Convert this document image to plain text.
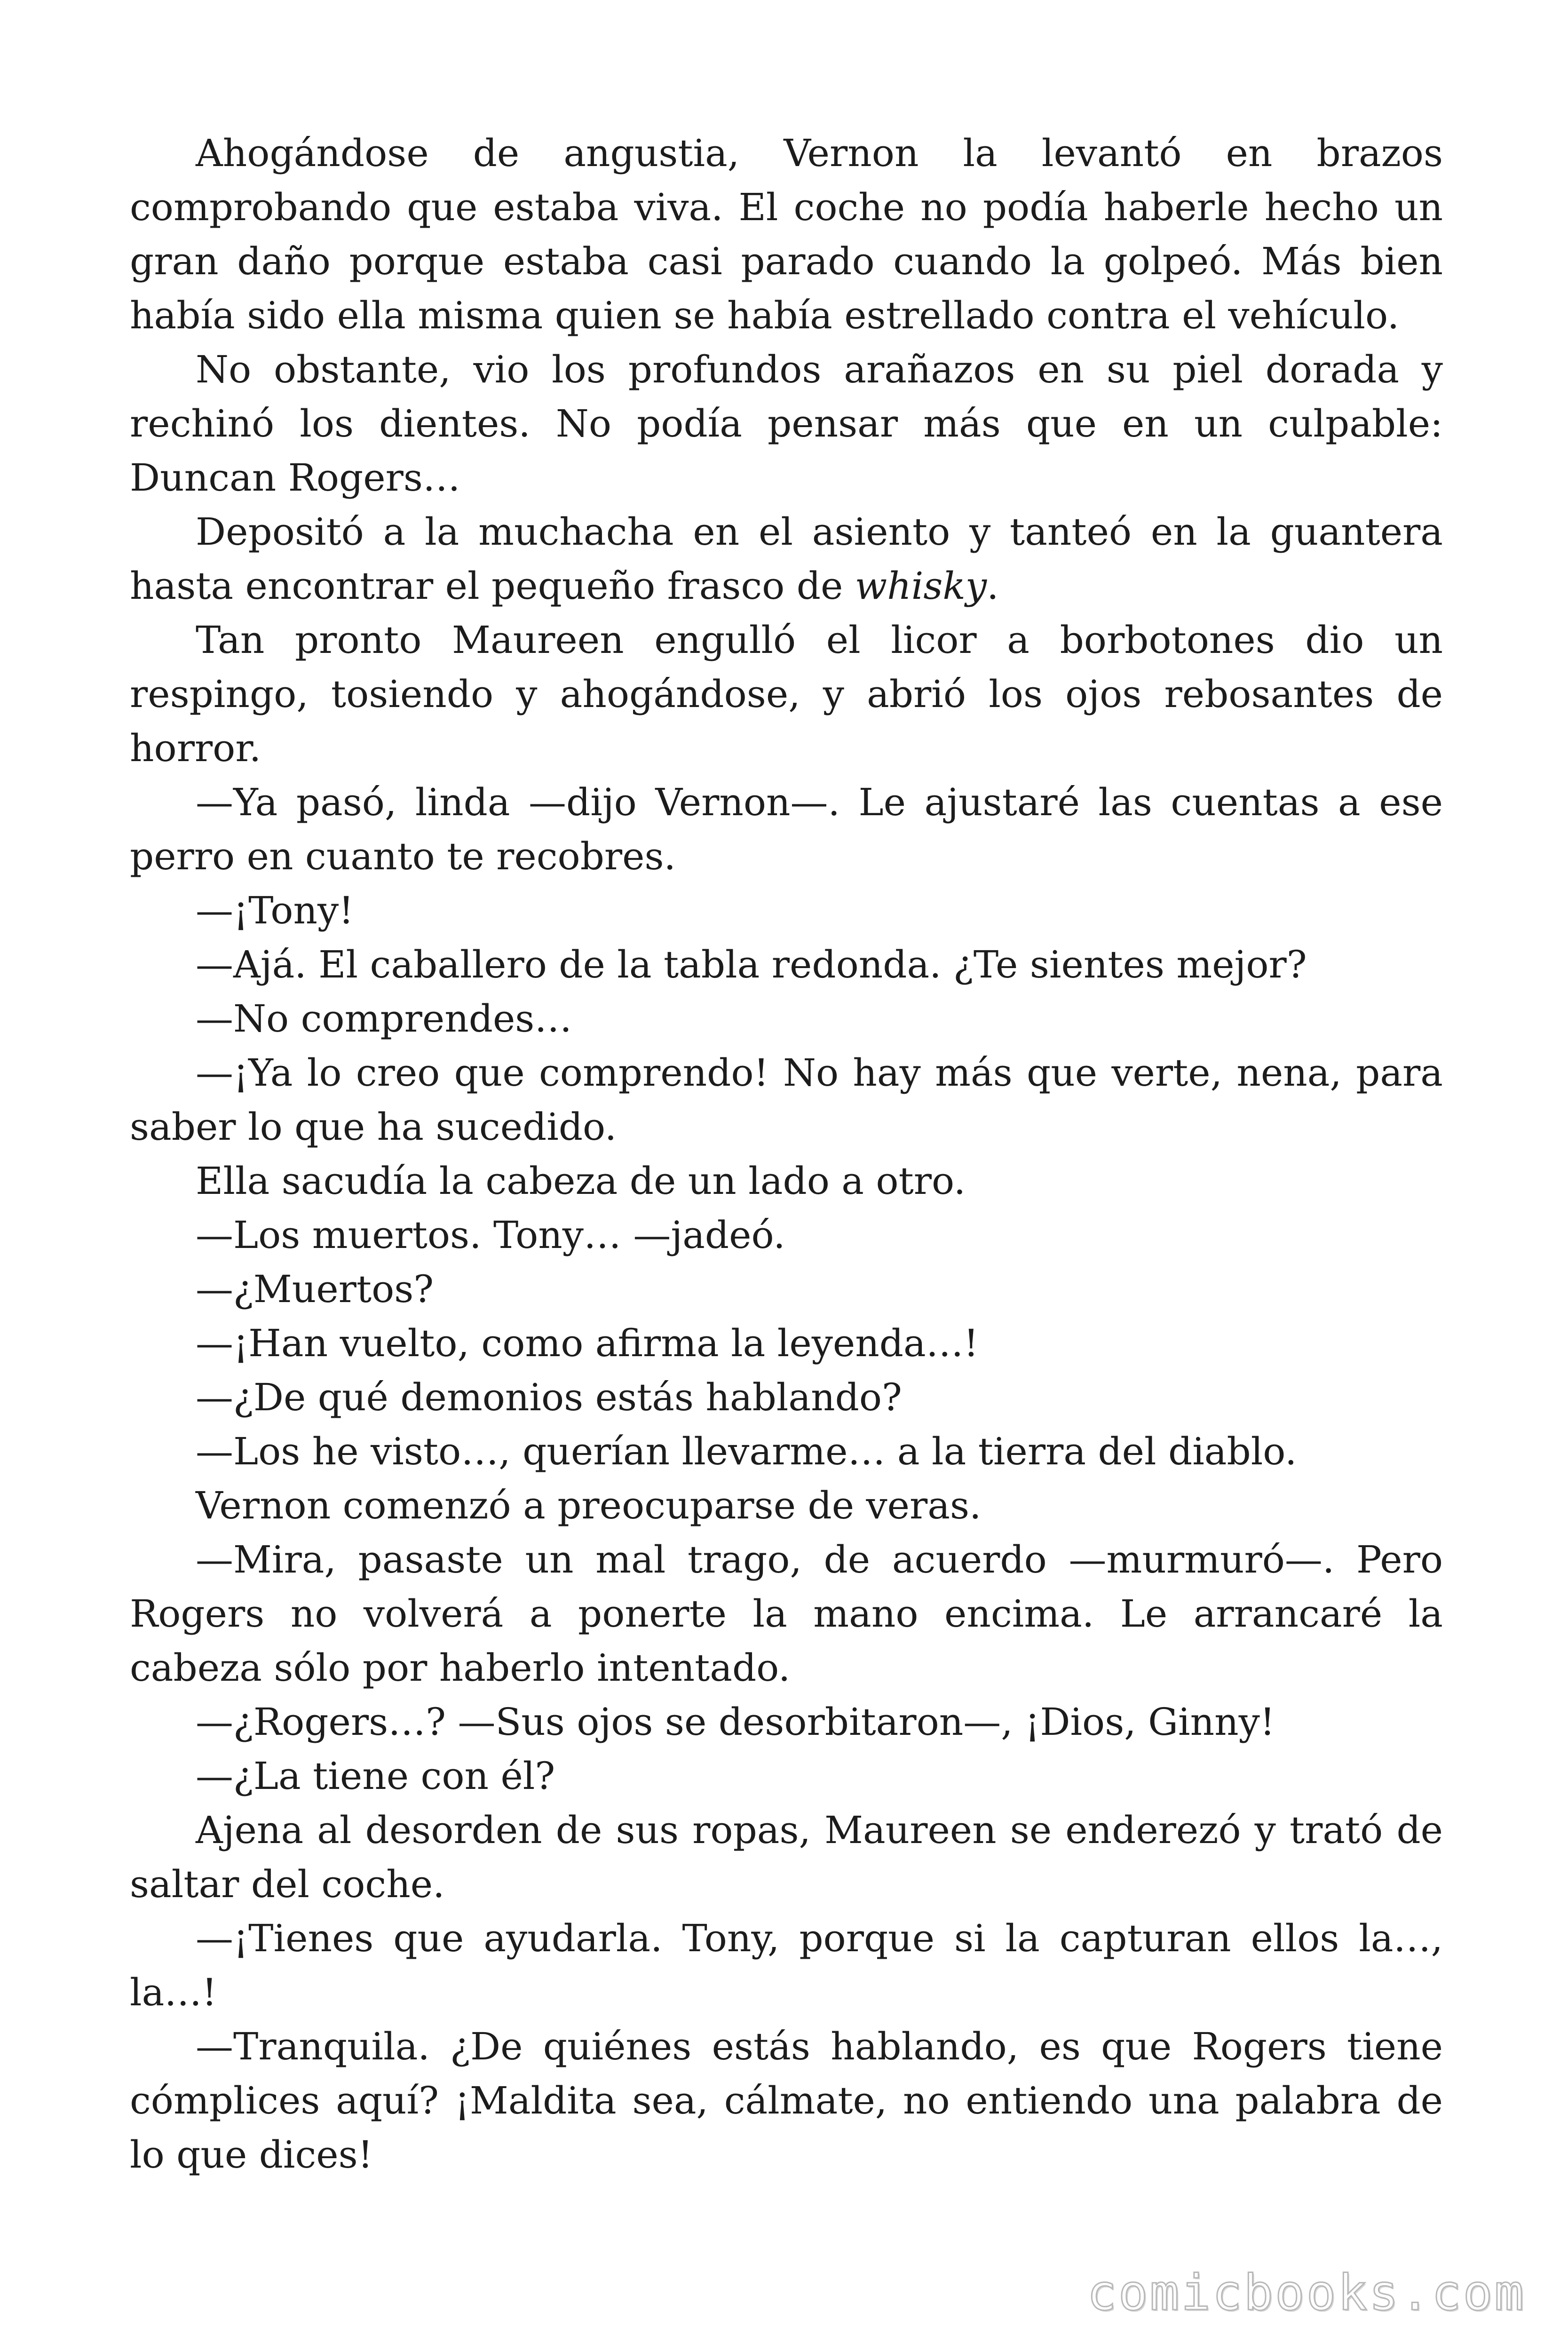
Ahogándose de angustia, Vernon la levantó en brazos comprobando que estaba viva. El coche no podía haberle hecho un gran daño porque estaba casi parado cuando la golpeó. Más bien había sido ella misma quien se había estrellado contra el vehículo.

No obstante, vio los profundos arañazos en su piel dorada y rechinó los dientes. No podía pensar más que en un culpable: Duncan Rogers…

Depositó a la muchacha en el asiento y tanteó en la guantera hasta encontrar el pequeño frasco de whisky.

Tan pronto Maureen engulló el licor a borbotones dio un respingo, tosiendo y ahogándose, y abrió los ojos rebosantes de horror.

—Ya pasó, linda —dijo Vernon—. Le ajustaré las cuentas a ese perro en cuanto te recobres.

—¡Tony!

—Ajá. El caballero de la tabla redonda. ¿Te sientes mejor?

—No comprendes…

—¡Ya lo creo que comprendo! No hay más que verte, nena, para saber lo que ha sucedido.

Ella sacudía la cabeza de un lado a otro.

—Los muertos. Tony… —jadeó.

—¿Muertos?

—¡Han vuelto, como afirma la leyenda…!

—¿De qué demonios estás hablando?

—Los he visto…, querían llevarme… a la tierra del diablo.

Vernon comenzó a preocuparse de veras.

—Mira, pasaste un mal trago, de acuerdo —murmuró—. Pero Rogers no volverá a ponerte la mano encima. Le arrancaré la cabeza sólo por haberlo intentado.

—¿Rogers…? —Sus ojos se desorbitaron—, ¡Dios, Ginny!

—¿La tiene con él?

Ajena al desorden de sus ropas, Maureen se enderezó y trató de saltar del coche.

—¡Tienes que ayudarla. Tony, porque si la capturan ellos la…, la…!

—Tranquila. ¿De quiénes estás hablando, es que Rogers tiene cómplices aquí? ¡Maldita sea, cálmate, no entiendo una palabra de lo que dices!

comicbooks.com
